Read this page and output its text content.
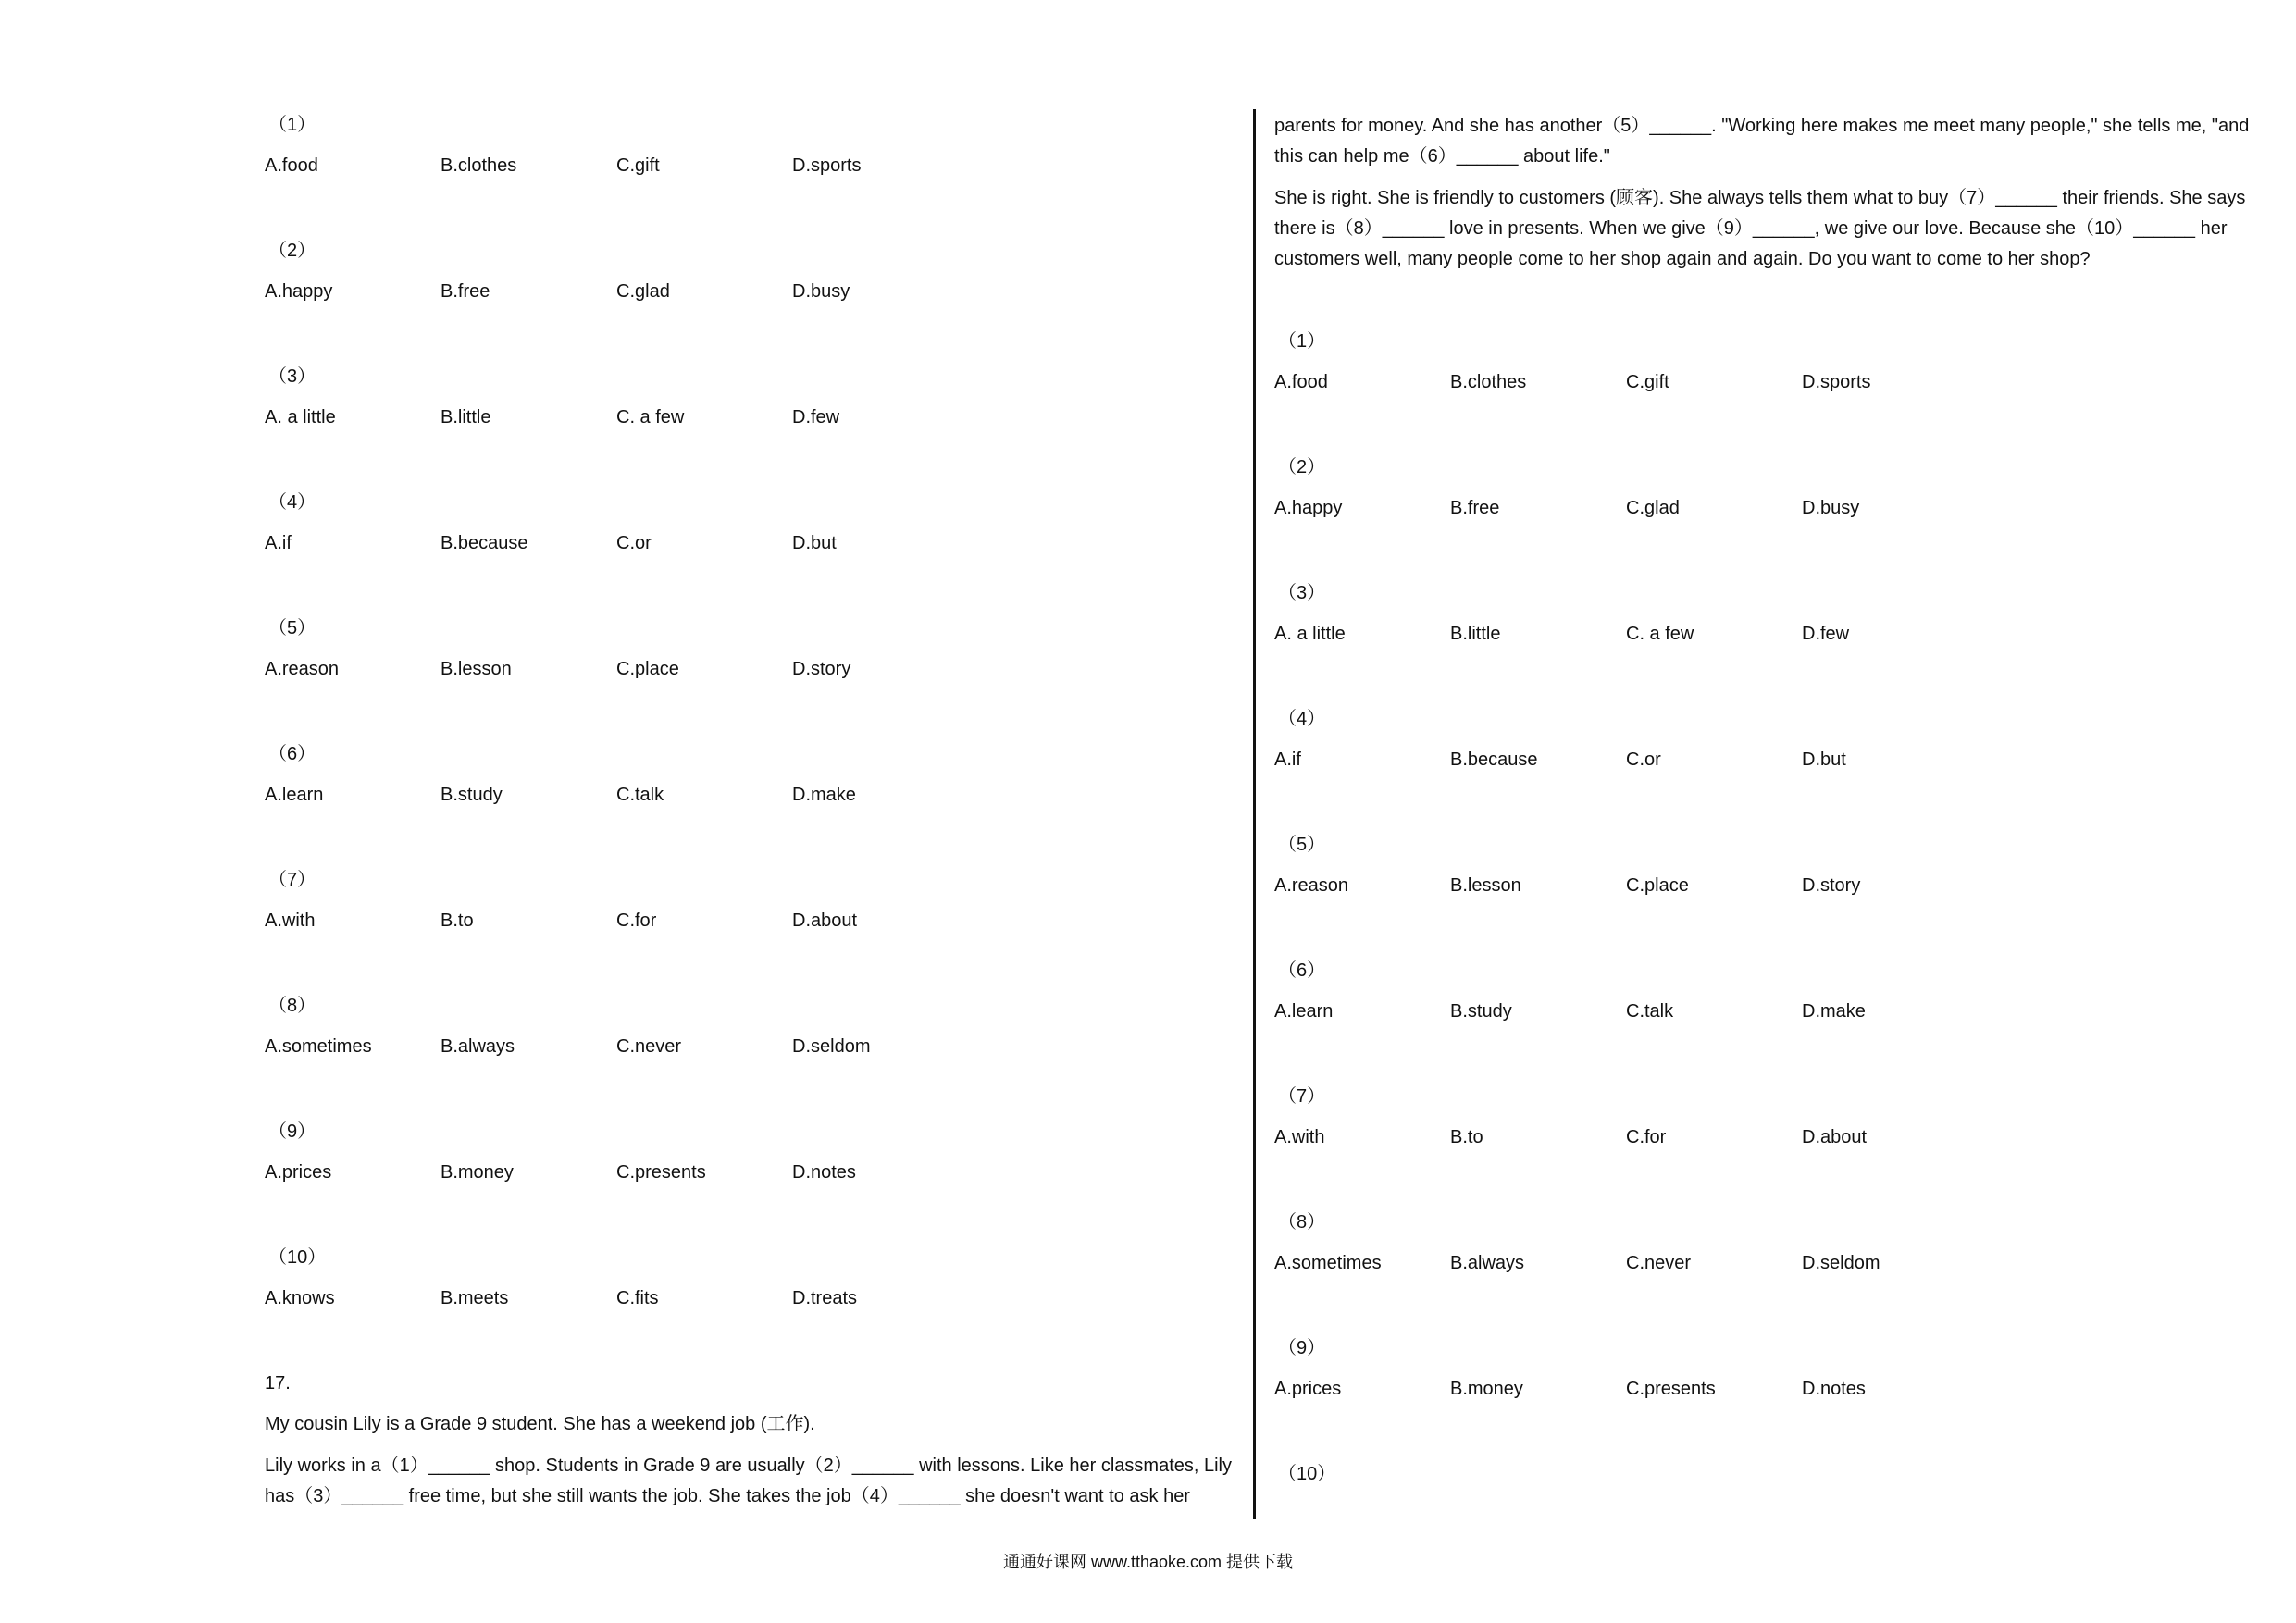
（1）
A.food	B.clothes	C.gift	D.sports
（2）
A.happy	B.free	C.glad	D.busy
（3）
A. a little	B.little	C. a few	D.few
（4）
A.if	B.because	C.or	D.but
（5）
A.reason	B.lesson	C.place	D.story
（6）
A.learn	B.study	C.talk	D.make
（7）
A.with	B.to	C.for	D.about
（8）
A.sometimes	B.always	C.never	D.seldom
（9）
A.prices	B.money	C.presents	D.notes
（10）
A.knows	B.meets	C.fits	D.treats
17.
My cousin Lily is a Grade 9 student. She has a weekend job (工作).
Lily works in a（1）______ shop. Students in Grade 9 are usually（2）______ with lessons. Like her classmates, Lily has（3）______ free time, but she still wants the job. She takes the job（4）______ she doesn't want to ask her
parents for money. And she has another（5）______. "Working here makes me meet many people," she tells me, "and this can help me（6）______ about life."
She is right. She is friendly to customers (顾客). She always tells them what to buy（7）______ their friends. She says there is（8）______ love in presents. When we give（9）______, we give our love. Because she（10）______ her customers well, many people come to her shop again and again. Do you want to come to her shop?
（1）
A.food	B.clothes	C.gift	D.sports
（2）
A.happy	B.free	C.glad	D.busy
（3）
A. a little	B.little	C. a few	D.few
（4）
A.if	B.because	C.or	D.but
（5）
A.reason	B.lesson	C.place	D.story
（6）
A.learn	B.study	C.talk	D.make
（7）
A.with	B.to	C.for	D.about
（8）
A.sometimes	B.always	C.never	D.seldom
（9）
A.prices	B.money	C.presents	D.notes
（10）
通通好课网 www.tthaoke.com 提供下载
